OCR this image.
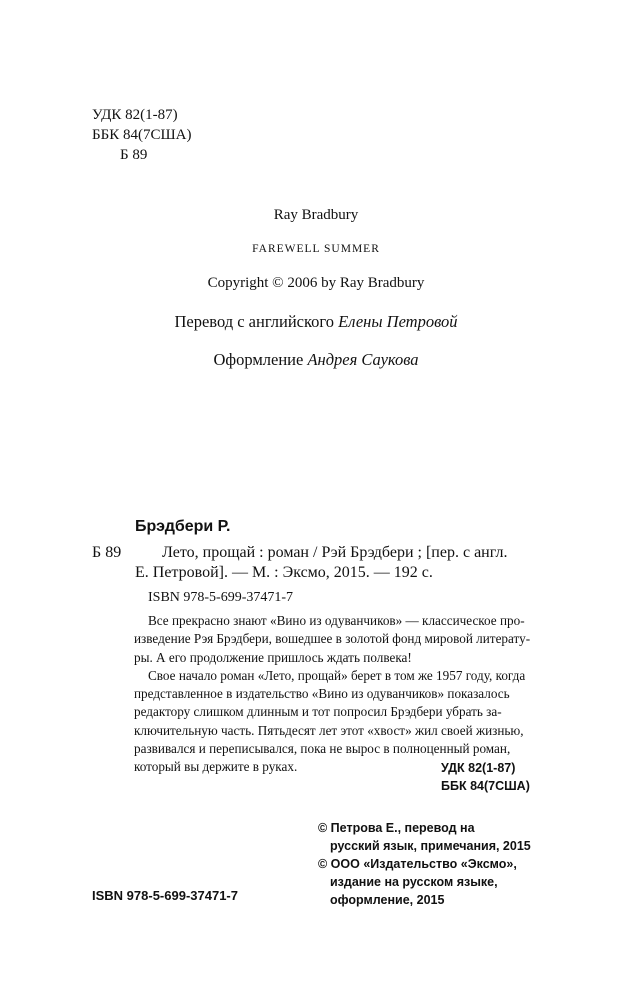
УДК 82(1-87)
ББК 84(7США)
Б 89
Ray Bradbury
FAREWELL SUMMER
Copyright © 2006 by Ray Bradbury
Перевод с английского Елены Петровой
Оформление Андрея Саукова
Брэдбери Р.
Б 89	Лето, прощай : роман / Рэй Брэдбери ; [пер. с англ.
Е. Петровой]. — М. : Эксмо, 2015. — 192 с.
ISBN 978-5-699-37471-7
Все прекрасно знают «Вино из одуванчиков» — классическое про-
изведение Рэя Брэдбери, вошедшее в золотой фонд мировой литерату-
ры. А его продолжение пришлось ждать полвека!
Свое начало роман «Лето, прощай» берет в том же 1957 году, когда
представленное в издательство «Вино из одуванчиков» показалось
редактору слишком длинным и тот попросил Брэдбери убрать за-
ключительную часть. Пятьдесят лет этот «хвост» жил своей жизнью,
развивался и переписывался, пока не вырос в полноценный роман,
который вы держите в руках.	УДК 82(1-87)
ББК 84(7США)
© Петрова Е., перевод на
русский язык, примечания, 2015
© ООО «Издательство «Эксмо»,
издание на русском языке,
оформление, 2015
ISBN 978-5-699-37471-7
